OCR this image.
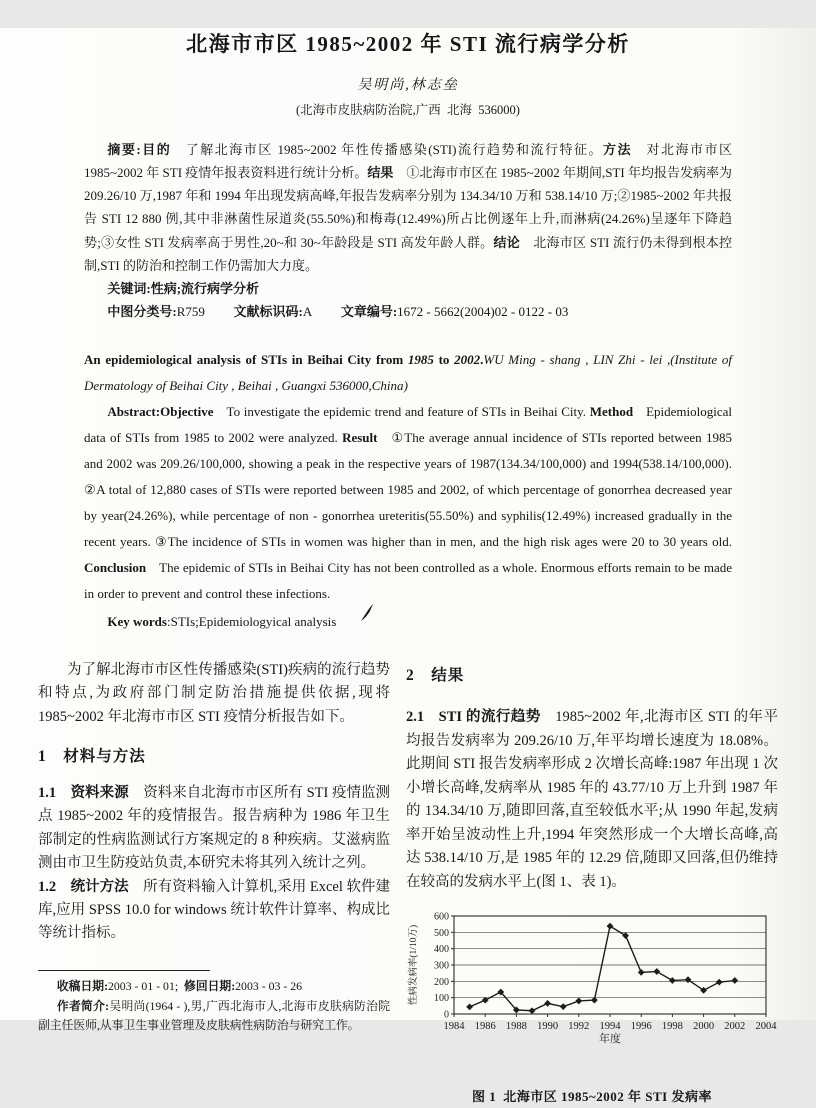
北海市市区 1985~2002 年 STI 流行病学分析
吴明尚,林志垒
(北海市皮肤病防治院,广西 北海 536000)

摘要:目的　了解北海市区 1985~2002 年性传播感染(STI)流行趋势和流行特征。方法　对北海市市区 1985~2002 年 STI 疫情年报表资料进行统计分析。结果　①北海市市区在 1985~2002 年期间,STI 年均报告发病率为 209.26/10 万,1987 年和 1994 年出现发病高峰,年报告发病率分别为 134.34/10 万和 538.14/10 万;②1985~2002 年共报告 STI 12 880 例,其中非淋菌性尿道炎(55.50%)和梅毒(12.49%)所占比例逐年上升,而淋病(24.26%)呈逐年下降趋势;③女性 STI 发病率高于男性,20~和 30~年龄段是 STI 高发年龄人群。结论　北海市区 STI 流行仍未得到根本控制,STI 的防治和控制工作仍需加大力度。

关键词:性病;流行病学分析

中图分类号:R759 文献标识码:A 文章编号:1672 - 5662(2004)02 - 0122 - 03

An epidemiological analysis of STIs in Beihai City from 1985 to 2002.WU Ming - shang , LIN Zhi - lei ,(Institute of Dermatology of Beihai City , Beihai , Guangxi 536000,China)

Abstract:Objective To investigate the epidemic trend and feature of STIs in Beihai City. Method Epidemiological data of STIs from 1985 to 2002 were analyzed. Result ①The average annual incidence of STIs reported between 1985 and 2002 was 209.26/100,000, showing a peak in the respective years of 1987(134.34/100,000) and 1994(538.14/100,000). ②A total of 12,880 cases of STIs were reported between 1985 and 2002, of which percentage of gonorrhea decreased year by year(24.26%), while percentage of non - gonorrhea ureteritis(55.50%) and syphilis(12.49%) increased gradually in the recent years. ③The incidence of STIs in women was higher than in men, and the high risk ages were 20 to 30 years old. Conclusion The epidemic of STIs in Beihai City has not been controlled as a whole. Enormous efforts remain to be made in order to prevent and control these infections.

Key words:STIs;Epidemiologyical analysis

为了解北海市市区性传播感染(STI)疾病的流行趋势和特点,为政府部门制定防治措施提供依据,现将 1985~2002 年北海市市区 STI 疫情分析报告如下。

1 材料与方法

1.1 资料来源 资料来自北海市市区所有 STI 疫情监测点 1985~2002 年的疫情报告。报告病种为 1986 年卫生部制定的性病监测试行方案规定的 8 种疾病。艾滋病监测由市卫生防疫站负责,本研究未将其列入统计之列。

1.2 统计方法 所有资料输入计算机,采用 Excel 软件建库,应用 SPSS 10.0 for windows 统计软件计算率、构成比等统计指标。

收稿日期:2003 - 01 - 01; 修回日期:2003 - 03 - 26

作者简介:吴明尚(1964 - ),男,广西北海市人,北海市皮肤病防治院副主任医师,从事卫生事业管理及皮肤病性病防治与研究工作。

2 结果

2.1 STI 的流行趋势 1985~2002 年,北海市区 STI 的年平均报告发病率为 209.26/10 万,年平均增长速度为 18.08%。此期间 STI 报告发病率形成 2 次增长高峰:1987 年出现 1 次小增长高峰,发病率从 1985 年的 43.77/10 万上升到 1987 年的 134.34/10 万,随即回落,直至较低水平;从 1990 年起,发病率开始呈波动性上升,1994 年突然形成一个大增长高峰,高达 538.14/10 万,是 1985 年的 12.29 倍,随即又回落,但仍维持在较高的发病水平上(图 1、表 1)。

0
100
200
300
400
500
600
1984 1986 1988 1990 1992 1994 1996 1998 2000 2002 2004
性病发病率(1/10万)
年度
图 1 北海市区 1985~2002 年 STI 发病率
